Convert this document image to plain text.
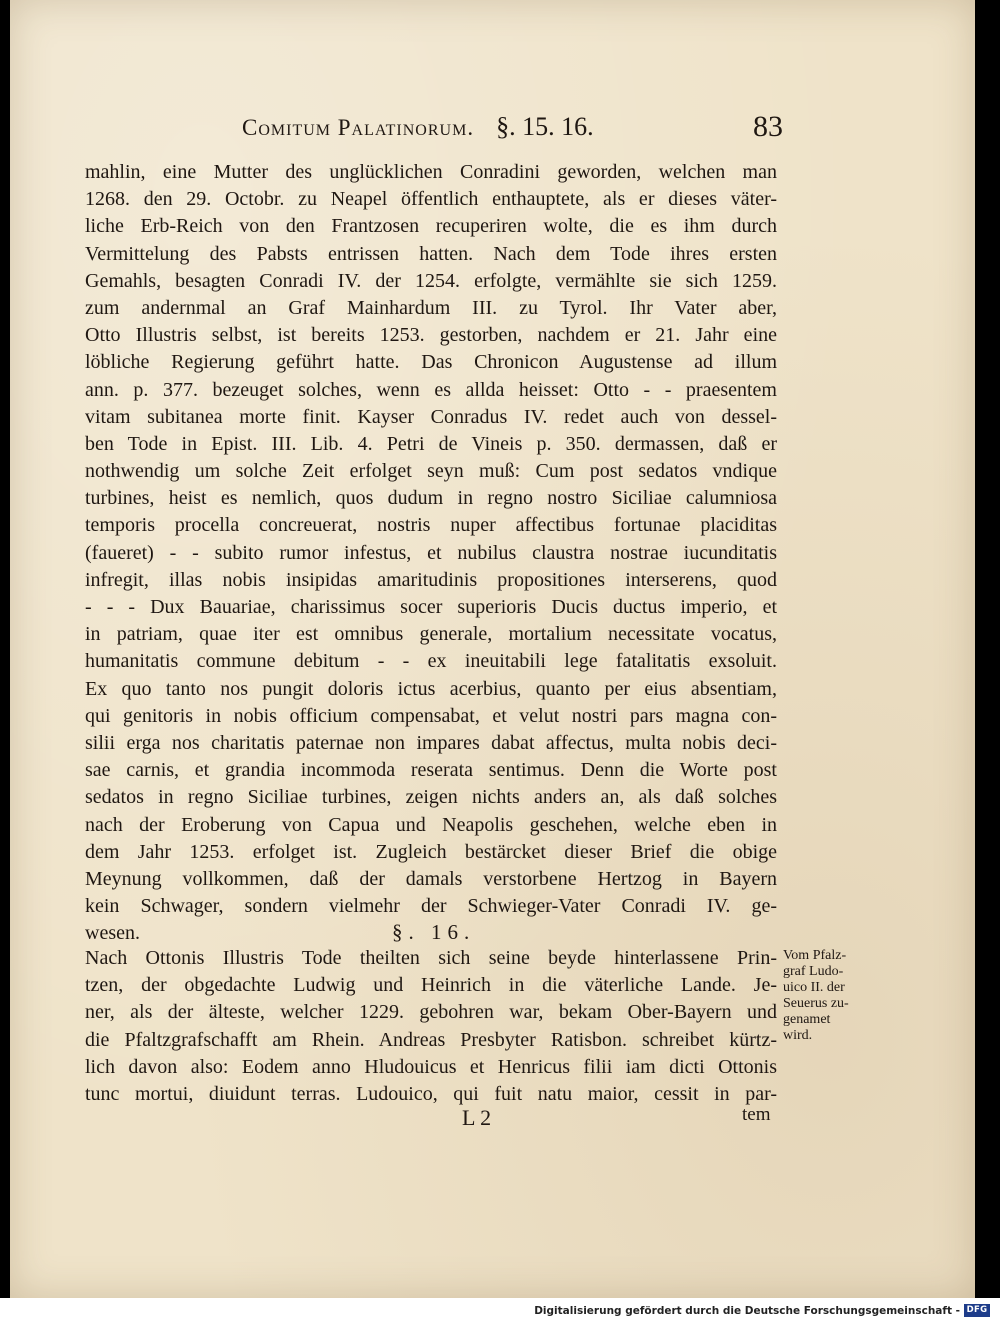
Comitum Palatinorum. §. 15. 16.	83
mahlin, eine Mutter des unglücklichen Conradini geworden, welchen man
1268. den 29. Octobr. zu Neapel öffentlich enthauptete, als er dieses väter-
liche Erb-Reich von den Frantzosen recuperiren wolte, die es ihm durch
Vermittelung des Pabsts entrissen hatten. Nach dem Tode ihres ersten
Gemahls, besagten Conradi IV. der 1254. erfolgte, vermählte sie sich 1259.
zum andernmal an Graf Mainhardum III. zu Tyrol. Ihr Vater aber,
Otto Illustris selbst, ist bereits 1253. gestorben, nachdem er 21. Jahr eine
löbliche Regierung geführt hatte. Das Chronicon Augustense ad illum
ann. p. 377. bezeuget solches, wenn es allda heisset: Otto - - praesentem
vitam subitanea morte finit. Kayser Conradus IV. redet auch von dessel-
ben Tode in Epist. III. Lib. 4. Petri de Vineis p. 350. dermassen, daß er
nothwendig um solche Zeit erfolget seyn muß: Cum post sedatos vndique
turbines, heist es nemlich, quos dudum in regno nostro Siciliae calumniosa
temporis procella concreuerat, nostris nuper affectibus fortunae placiditas
(faueret) - - subito rumor infestus, et nubilus claustra nostrae iucunditatis
infregit, illas nobis insipidas amaritudinis propositiones interserens, quod
- - - Dux Bauariae, charissimus socer superioris Ducis ductus imperio, et
in patriam, quae iter est omnibus generale, mortalium necessitate vocatus,
humanitatis commune debitum - - ex ineuitabili lege fatalitatis exsoluit.
Ex quo tanto nos pungit doloris ictus acerbius, quanto per eius absentiam,
qui genitoris in nobis officium compensabat, et velut nostri pars magna con-
silii erga nos charitatis paternae non impares dabat affectus, multa nobis deci-
sae carnis, et grandia incommoda reserata sentimus. Denn die Worte post
sedatos in regno Siciliae turbines, zeigen nichts anders an, als daß solches
nach der Eroberung von Capua und Neapolis geschehen, welche eben in
dem Jahr 1253. erfolget ist. Zugleich bestärcket dieser Brief die obige
Meynung vollkommen, daß der damals verstorbene Hertzog in Bayern
kein Schwager, sondern vielmehr der Schwieger-Vater Conradi IV. ge-
wesen.	§. 16.
Nach Ottonis Illustris Tode theilten sich seine beyde hinterlassene Prin-
tzen, der obgedachte Ludwig und Heinrich in die väterliche Lande. Je-
ner, als der älteste, welcher 1229. gebohren war, bekam Ober-Bayern und
die Pfaltzgrafschafft am Rhein. Andreas Presbyter Ratisbon. schreibet kürtz-
lich davon also: Eodem anno Hludouicus et Henricus filii iam dicti Ottonis
tunc mortui, diuidunt terras. Ludouico, qui fuit natu maior, cessit in par-
Vom Pfalz-
graf Ludo-
uico II. der
Seuerus zu-
genamet
wird.
L 2	tem
Digitalisierung gefördert durch die Deutsche Forschungsgemeinschaft - DFG
